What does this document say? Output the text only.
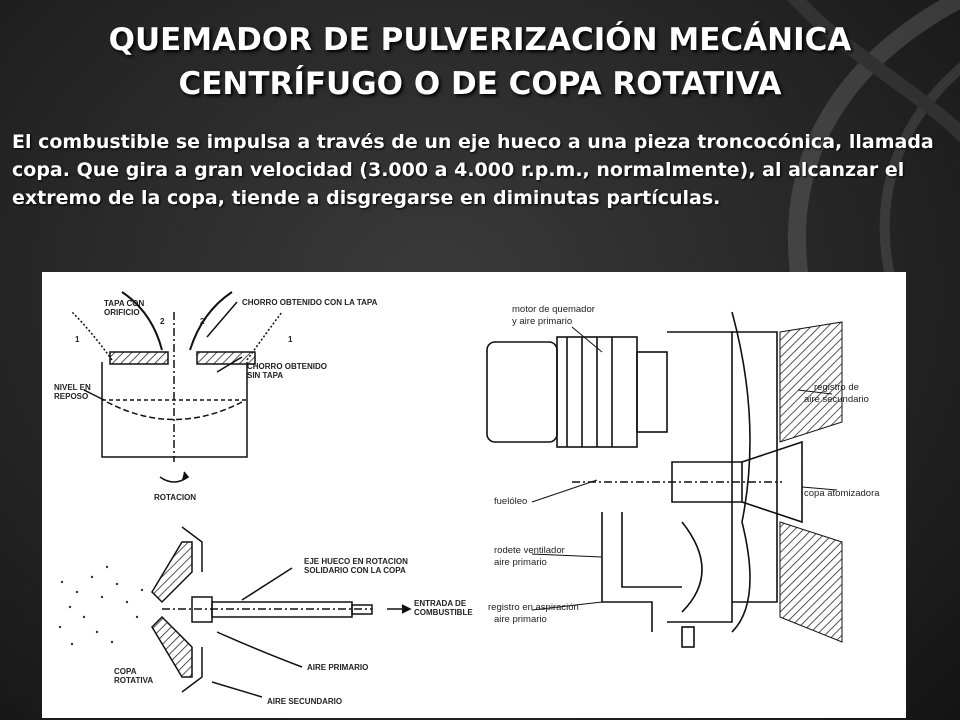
QUEMADOR DE PULVERIZACIÓN MECÁNICA
CENTRÍFUGO O DE COPA ROTATIVA
El combustible se impulsa a través de un eje hueco a una pieza troncocónica, llamada copa. Que gira a gran velocidad (3.000 a 4.000 r.p.m., normalmente), al alcanzar el extremo de la copa, tiende a disgregarse en diminutas partículas.
TAPA CON
ORIFICIO
CHORRO OBTENIDO CON LA TAPA
CHORRO OBTENIDO
SIN TAPA
NIVEL EN
REPOSO
ROTACION
1
2	2
1
EJE HUECO EN ROTACION
SOLIDARIO CON LA COPA
ENTRADA DE
COMBUSTIBLE
AIRE PRIMARIO
COPA
ROTATIVA
AIRE SECUNDARIO
motor de quemador
y aire primario
registro de
aire secundario
fuelóleo
copa atomizadora
rodete ventilador
aire primario
registro en aspiración
aire primario
